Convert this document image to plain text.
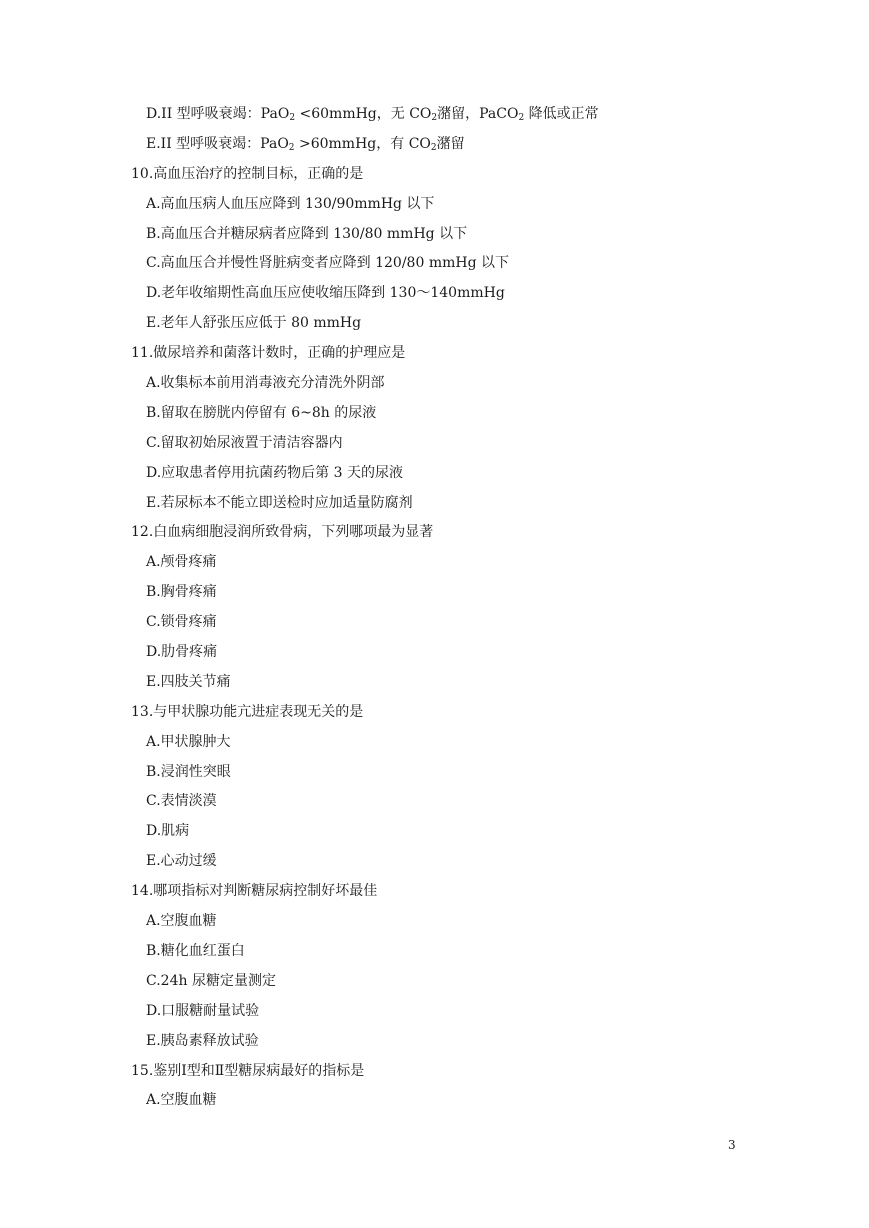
D.II 型呼吸衰竭：PaO$_2$ <60mmHg，无 $CO_2$潴留，PaCO$_2$ 降低或正常
E.II 型呼吸衰竭：PaO$_2$ >60mmHg，有 $CO_2$潴留
10.高血压治疗的控制目标，正确的是
A.高血压病人血压应降到 130/90mmHg 以下
B.高血压合并糖尿病者应降到 130/80 mmHg 以下
C.高血压合并慢性肾脏病变者应降到 120/80 mmHg 以下
D.老年收缩期性高血压应使收缩压降到 130～140mmHg
E.老年人舒张压应低于 80 mmHg
11.做尿培养和菌落计数时，正确的护理应是
A.收集标本前用消毒液充分清洗外阴部
B.留取在膀胱内停留有 6~8h 的尿液
C.留取初始尿液置于清洁容器内
D.应取患者停用抗菌药物后第 3 天的尿液
E.若尿标本不能立即送检时应加适量防腐剂
12.白血病细胞浸润所致骨病，下列哪项最为显著
A.颅骨疼痛
B.胸骨疼痛
C.锁骨疼痛
D.肋骨疼痛
E.四肢关节痛
13.与甲状腺功能亢进症表现无关的是
A.甲状腺肿大
B.浸润性突眼
C.表情淡漠
D.肌病
E.心动过缓
14.哪项指标对判断糖尿病控制好坏最佳
A.空腹血糖
B.糖化血红蛋白
C.24h 尿糖定量测定
D.口服糖耐量试验
E.胰岛素释放试验
15.鉴别Ⅰ型和Ⅱ型糖尿病最好的指标是
A.空腹血糖
3
